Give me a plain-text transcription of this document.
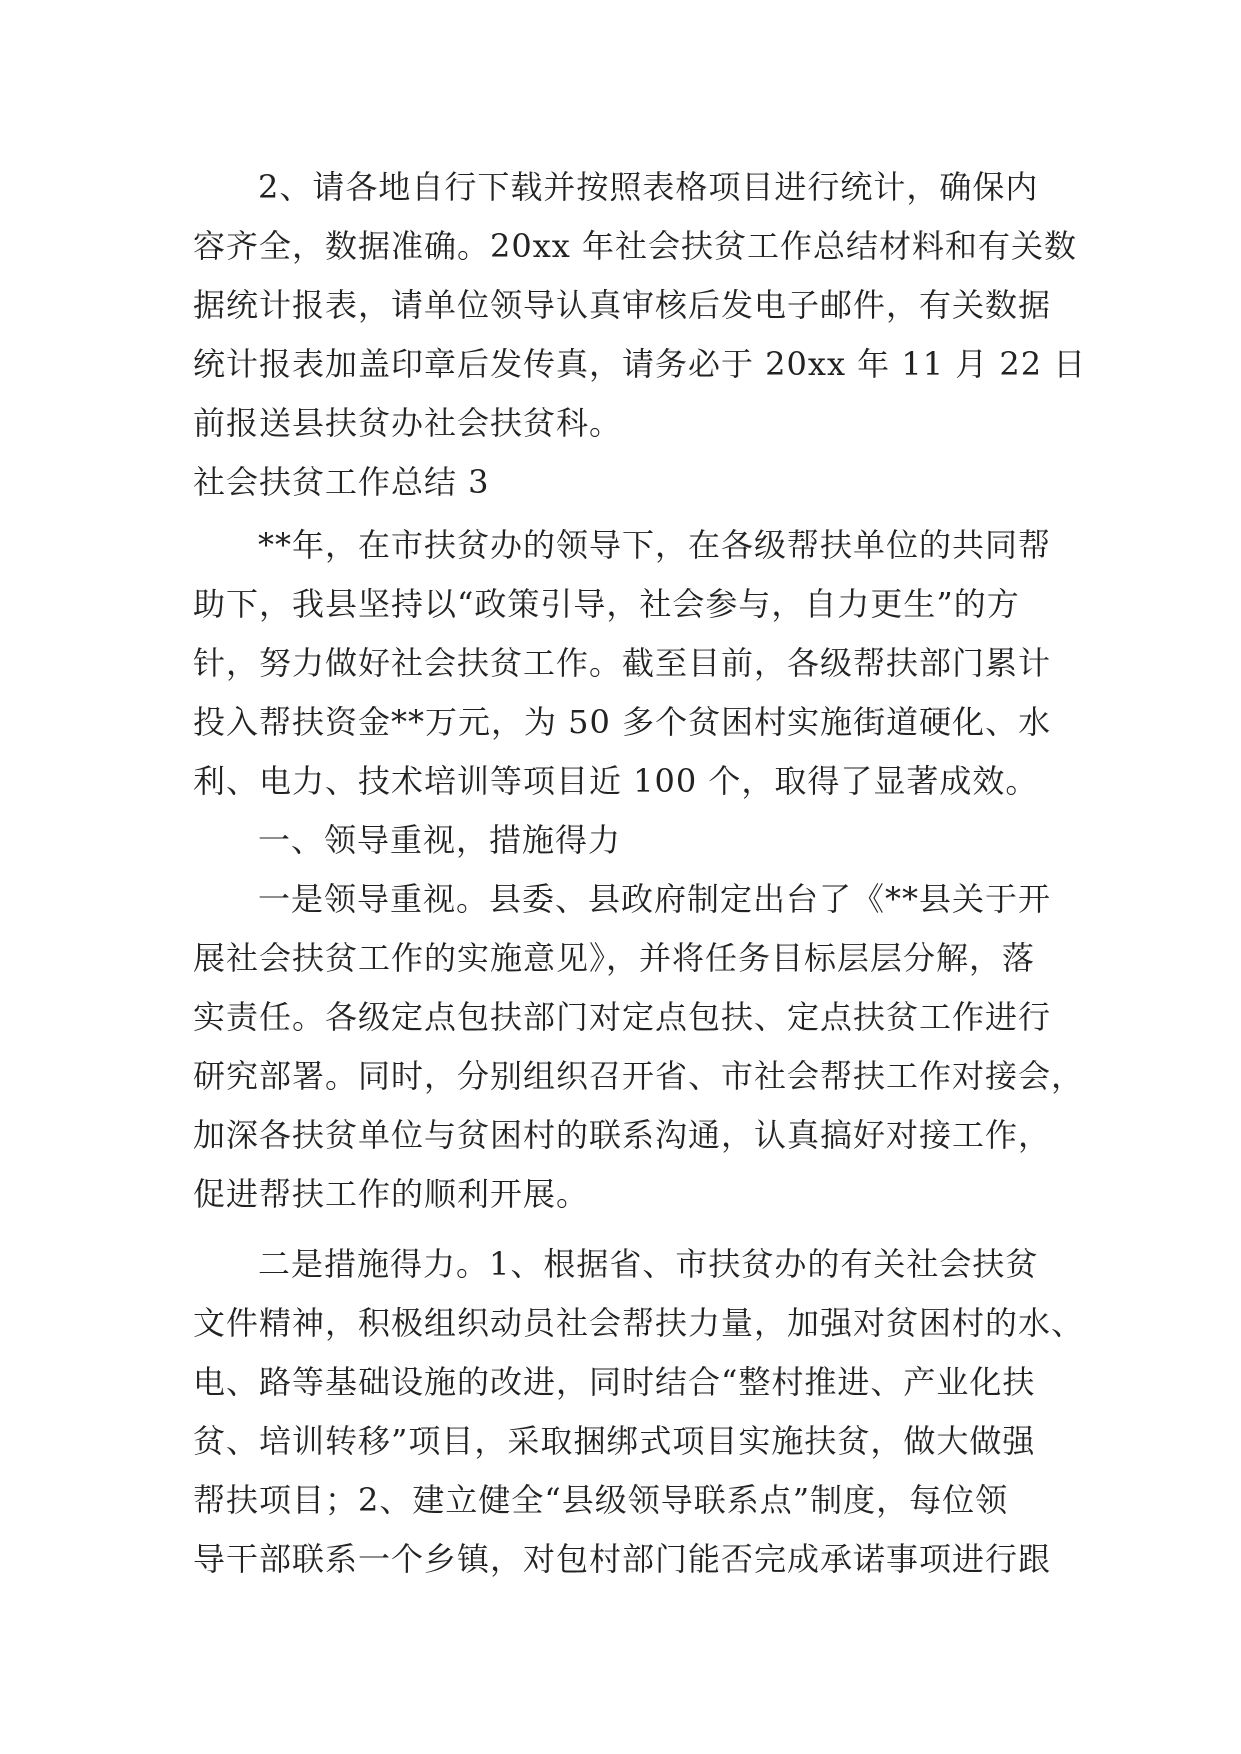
2、请各地自行下载并按照表格项目进行统计，确保内

容齐全，数据准确。20xx 年社会扶贫工作总结材料和有关数

据统计报表，请单位领导认真审核后发电子邮件，有关数据

统计报表加盖印章后发传真，请务必于 20xx 年 11 月 22 日

前报送县扶贫办社会扶贫科。

社会扶贫工作总结 3

**年，在市扶贫办的领导下，在各级帮扶单位的共同帮

助下，我县坚持以“政策引导，社会参与，自力更生”的方

针，努力做好社会扶贫工作。截至目前，各级帮扶部门累计

投入帮扶资金**万元，为 50 多个贫困村实施街道硬化、水

利、电力、技术培训等项目近 100 个，取得了显著成效。

一、领导重视，措施得力

一是领导重视。县委、县政府制定出台了《**县关于开

展社会扶贫工作的实施意见》，并将任务目标层层分解，落

实责任。各级定点包扶部门对定点包扶、定点扶贫工作进行

研究部署。同时，分别组织召开省、市社会帮扶工作对接会，

加深各扶贫单位与贫困村的联系沟通，认真搞好对接工作，

促进帮扶工作的顺利开展。

二是措施得力。1、根据省、市扶贫办的有关社会扶贫

文件精神，积极组织动员社会帮扶力量，加强对贫困村的水、

电、路等基础设施的改进，同时结合“整村推进、产业化扶

贫、培训转移”项目，采取捆绑式项目实施扶贫，做大做强

帮扶项目；2、建立健全“县级领导联系点”制度，每位领

导干部联系一个乡镇，对包村部门能否完成承诺事项进行跟
